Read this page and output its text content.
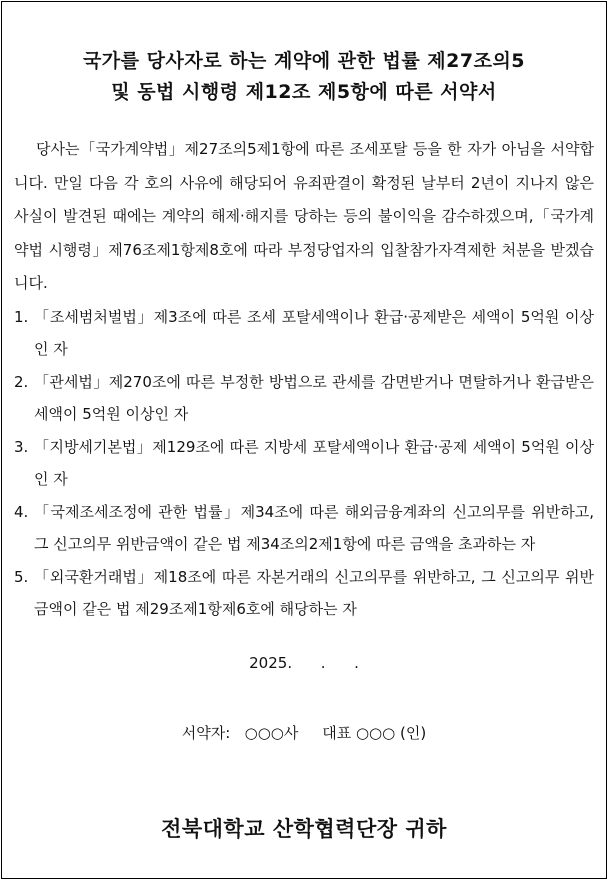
국가를 당사자로 하는 계약에 관한 법률 제27조의5
및 동법 시행령 제12조 제5항에 따른 서약서

당사는「국가계약법」제27조의5제1항에 따른 조세포탈 등을 한 자가 아님을 서약합니다. 만일 다음 각 호의 사유에 해당되어 유죄판결이 확정된 날부터 2년이 지나지 않은 사실이 발견된 때에는 계약의 해제·해지를 당하는 등의 불이익을 감수하겠으며,「국가계약법 시행령」제76조제1항제8호에 따라 부정당업자의 입찰참가자격제한 처분을 받겠습니다.

1. 「조세범처벌법」제3조에 따른 조세 포탈세액이나 환급·공제받은 세액이 5억원 이상인 자
2. 「관세법」제270조에 따른 부정한 방법으로 관세를 감면받거나 면탈하거나 환급받은 세액이 5억원 이상인 자
3. 「지방세기본법」제129조에 따른 지방세 포탈세액이나 환급·공제 세액이 5억원 이상인 자
4. 「국제조세조정에 관한 법률」제34조에 따른 해외금융계좌의 신고의무를 위반하고, 그 신고의무 위반금액이 같은 법 제34조의2제1항에 따른 금액을 초과하는 자
5. 「외국환거래법」제18조에 따른 자본거래의 신고의무를 위반하고, 그 신고의무 위반금액이 같은 법 제29조제1항제6호에 해당하는 자
2025.      .      .
서약자:   ○○○사     대표 ○○○ (인)
전북대학교 산학협력단장 귀하
